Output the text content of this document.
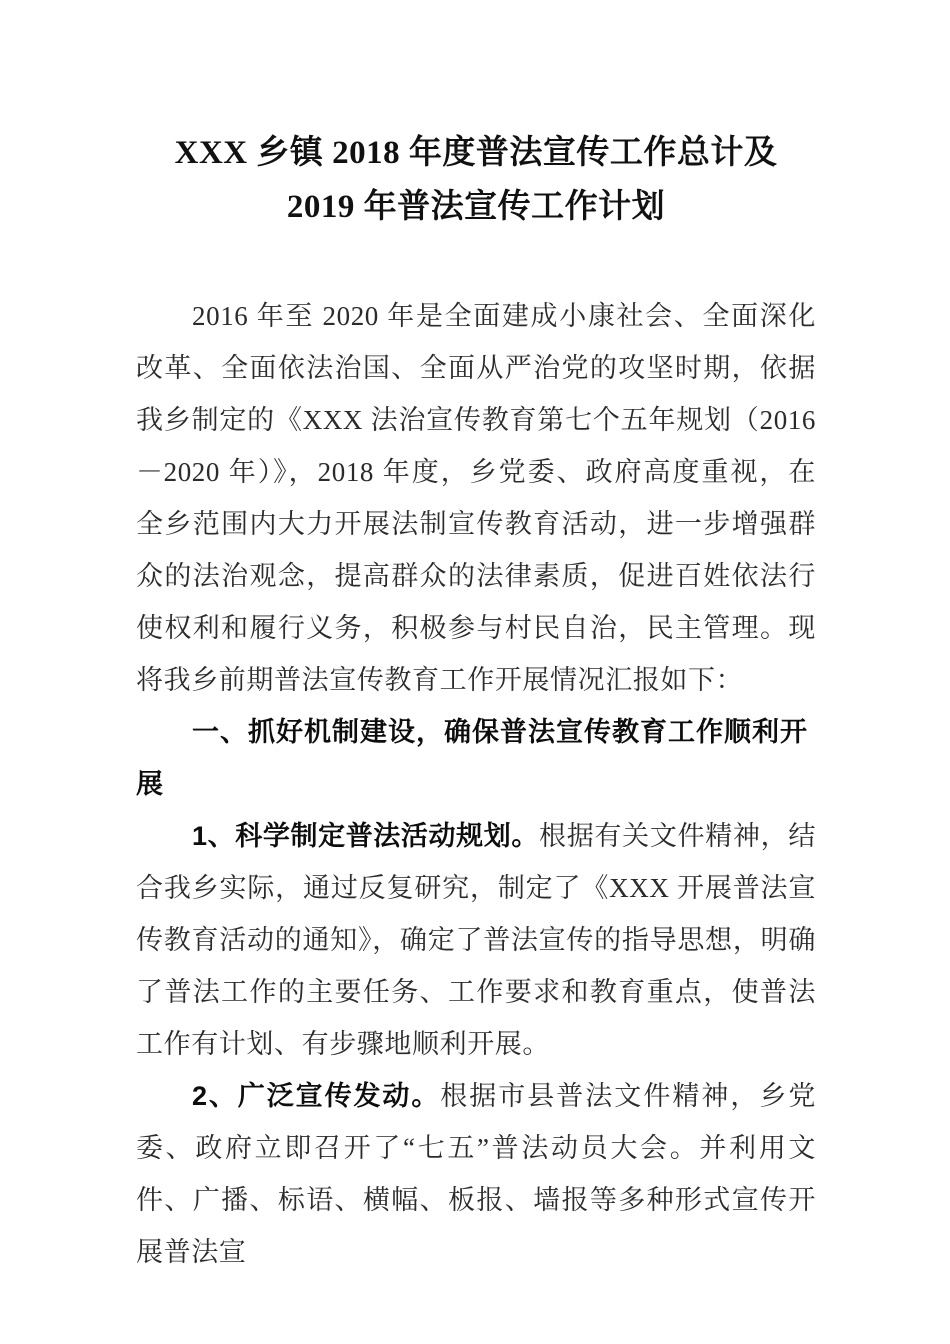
XXX 乡镇 2018 年度普法宣传工作总计及
2019 年普法宣传工作计划

2016 年至 2020 年是全面建成小康社会、全面深化改革、全面依法治国、全面从严治党的攻坚时期，依据我乡制定的《XXX 法治宣传教育第七个五年规划（2016－2020 年）》，2018 年度，乡党委、政府高度重视，在全乡范围内大力开展法制宣传教育活动，进一步增强群众的法治观念，提高群众的法律素质，促进百姓依法行使权利和履行义务，积极参与村民自治，民主管理。现将我乡前期普法宣传教育工作开展情况汇报如下：

一、抓好机制建设，确保普法宣传教育工作顺利开展

1、科学制定普法活动规划。根据有关文件精神，结合我乡实际，通过反复研究，制定了《XXX 开展普法宣传教育活动的通知》，确定了普法宣传的指导思想，明确了普法工作的主要任务、工作要求和教育重点，使普法工作有计划、有步骤地顺利开展。

2、广泛宣传发动。根据市县普法文件精神，乡党委、政府立即召开了“七五”普法动员大会。并利用文件、广播、标语、横幅、板报、墙报等多种形式宣传开展普法宣
